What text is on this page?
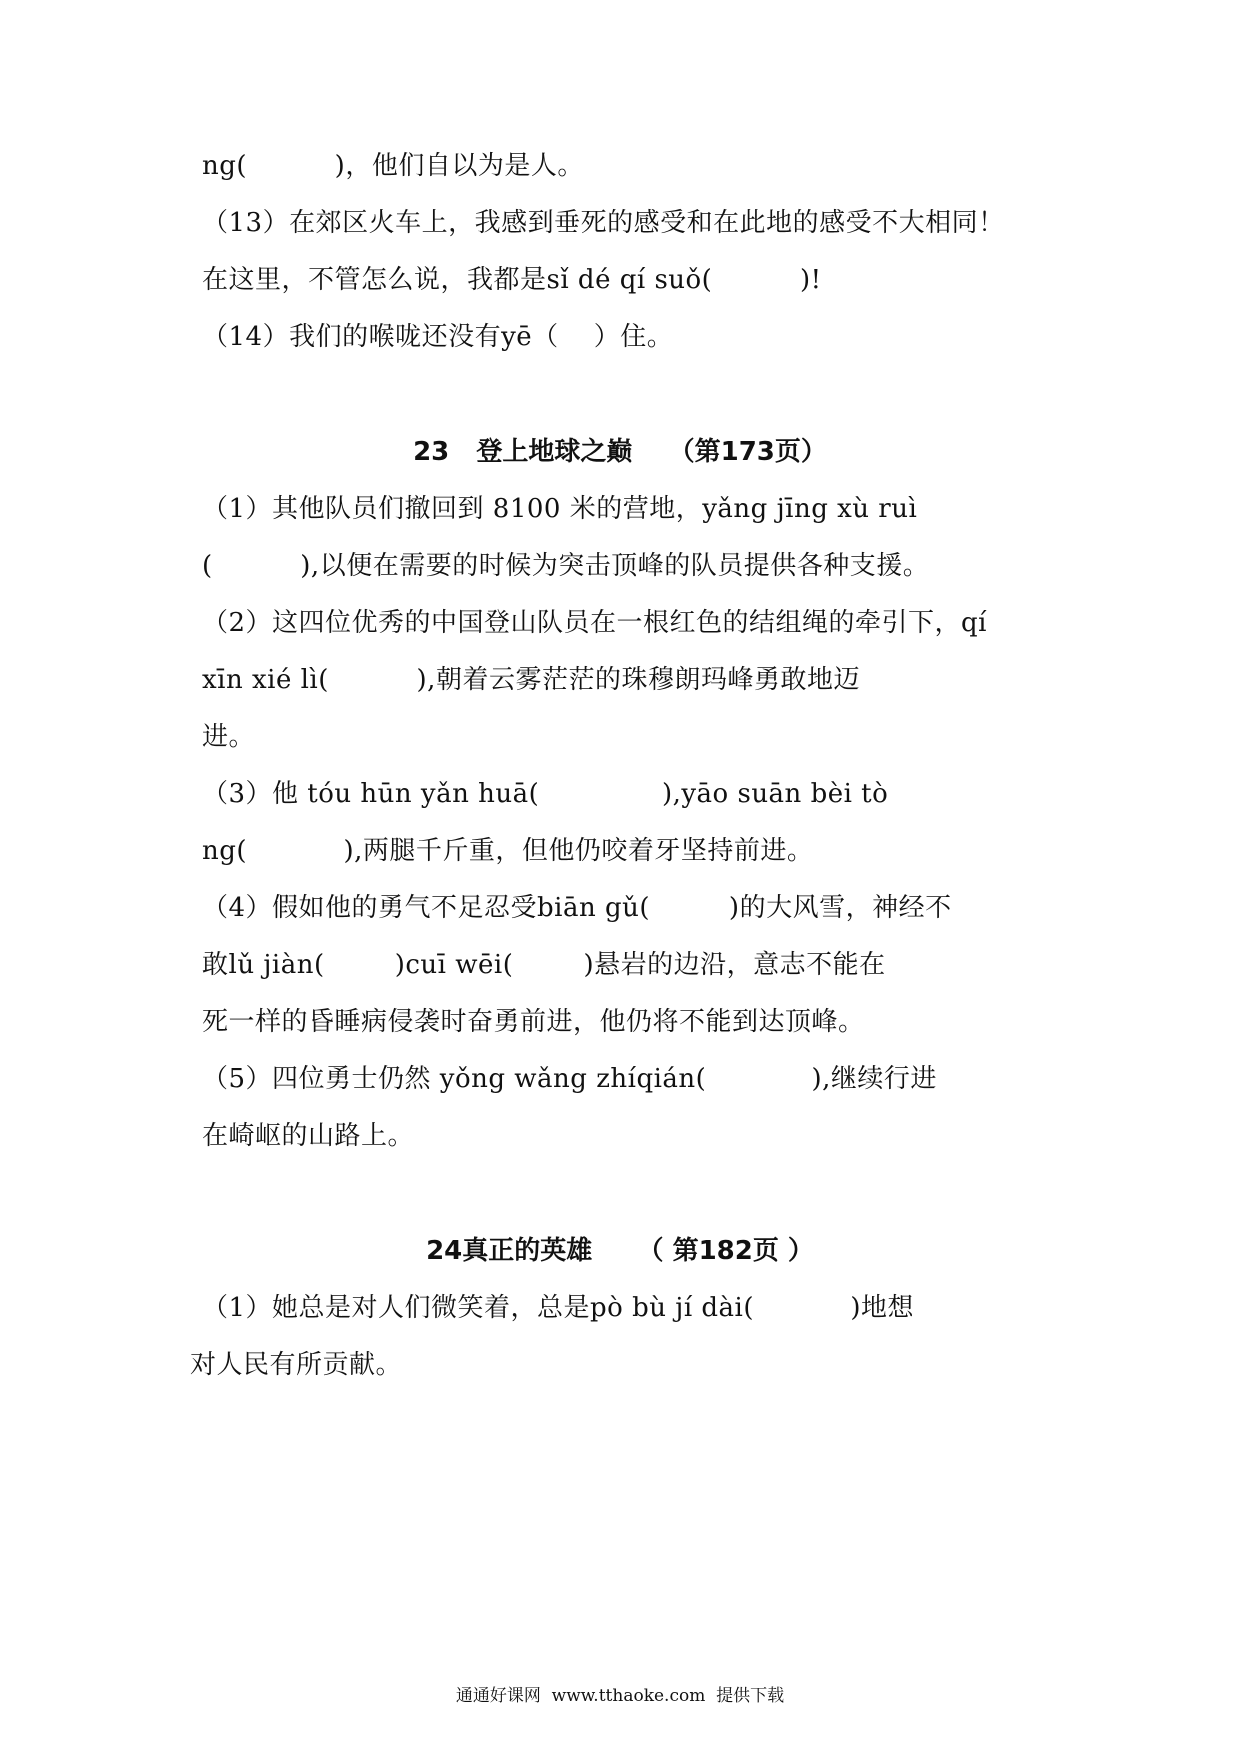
ng(          )，他们自以为是人。
（13）在郊区火车上，我感到垂死的感受和在此地的感受不大相同！
在这里，不管怎么说，我都是sǐ dé qí suǒ(          )!
（14）我们的喉咙还没有yē（    ）住。
23   登上地球之巅    （第173页）
（1）其他队员们撤回到 8100 米的营地，yǎng jīng xù ruì
(          ),以便在需要的时候为突击顶峰的队员提供各种支援。
（2）这四位优秀的中国登山队员在一根红色的结组绳的牵引下，qí
xīn xié lì(          ),朝着云雾茫茫的珠穆朗玛峰勇敢地迈
进。
（3）他 tóu hūn yǎn huā(              ),yāo suān bèi tò
ng(           ),两腿千斤重，但他仍咬着牙坚持前进。
（4）假如他的勇气不足忍受biān gǔ(         )的大风雪，神经不
敢lǔ jiàn(        )cuī wēi(        )悬岩的边沿，意志不能在
死一样的昏睡病侵袭时奋勇前进，他仍将不能到达顶峰。
（5）四位勇士仍然 yǒng wǎng zhíqián(            ),继续行进
在崎岖的山路上。
24真正的英雄     （ 第182页 ）
（1）她总是对人们微笑着，总是pò bù jí dài(           )地想
对人民有所贡献。
通通好课网  www.tthaoke.com  提供下载
